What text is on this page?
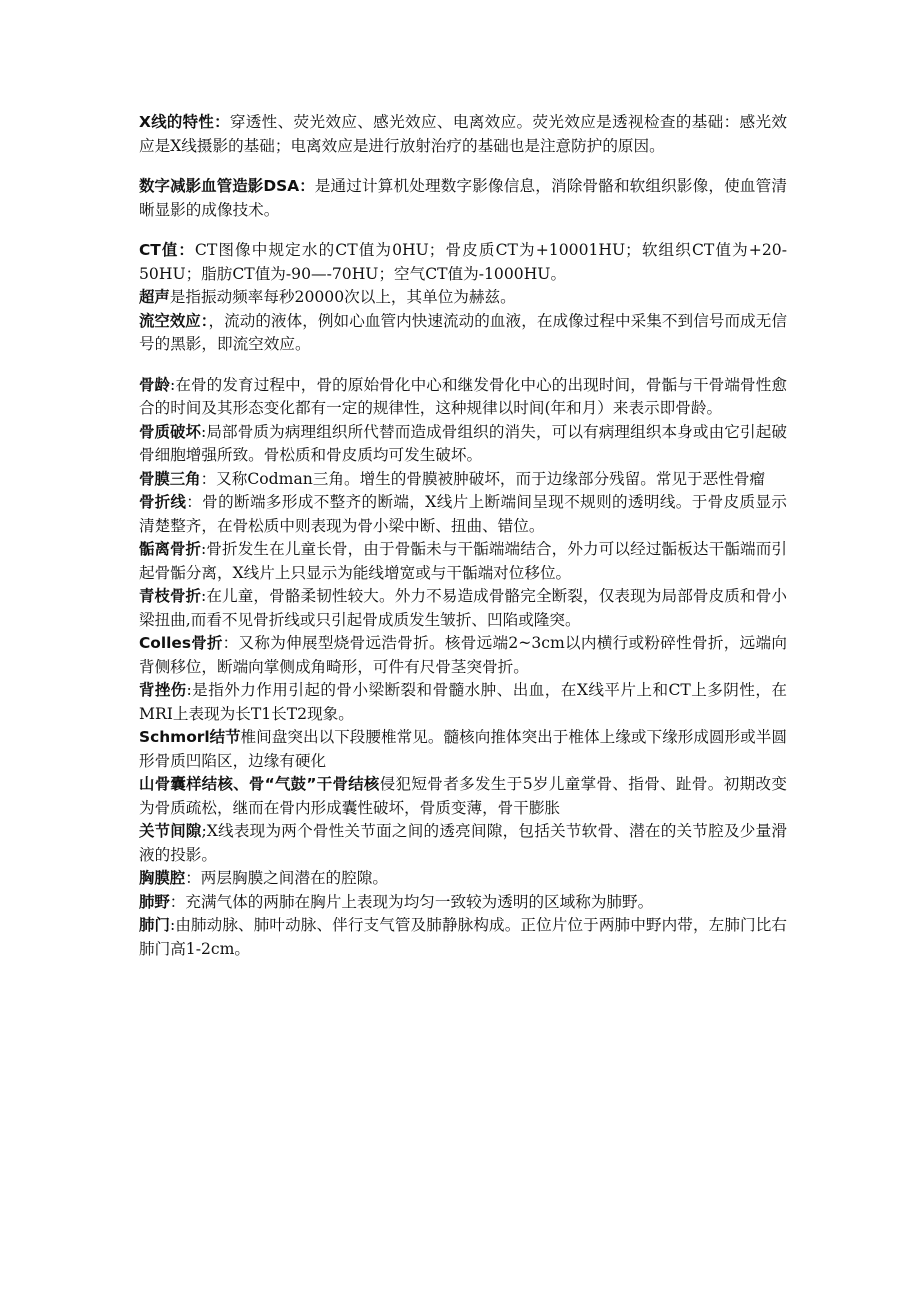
X线的特性：穿透性、荧光效应、感光效应、电离效应。荧光效应是透视检查的基础：感光效应是X线摄影的基础；电离效应是进行放射治疗的基础也是注意防护的原因。

数字减影血管造影DSA：是通过计算机处理数字影像信息，消除骨骼和软组织影像，使血管清晰显影的成像技术。

CT值：CT图像中规定水的CT值为0HU；骨皮质CT为+10001HU；软组织CT值为+20-50HU；脂肪CT值为-90—-70HU；空气CT值为-1000HU。

超声是指振动频率每秒20000次以上，其单位为赫兹。

流空效应：，流动的液体，例如心血管内快速流动的血液，在成像过程中采集不到信号而成无信号的黑影，即流空效应。

骨龄:在骨的发育过程中，骨的原始骨化中心和继发骨化中心的出现时间，骨骺与干骨端骨性愈合的时间及其形态变化都有一定的规律性，这种规律以时间(年和月）来表示即骨龄。

骨质破坏:局部骨质为病理组织所代替而造成骨组织的消失，可以有病理组织本身或由它引起破骨细胞增强所致。骨松质和骨皮质均可发生破坏。

骨膜三角：又称Codman三角。增生的骨膜被肿破坏，而于边缘部分残留。常见于恶性骨瘤

骨折线：骨的断端多形成不整齐的断端，X线片上断端间呈现不规则的透明线。于骨皮质显示清楚整齐，在骨松质中则表现为骨小梁中断、扭曲、错位。

骺离骨折:骨折发生在儿童长骨，由于骨骺未与干骺端端结合，外力可以经过骺板达干骺端而引起骨骺分离，X线片上只显示为能线增宽或与干骺端对位移位。

青枝骨折:在儿童，骨骼柔韧性较大。外力不易造成骨骼完全断裂，仅表现为局部骨皮质和骨小梁扭曲,而看不见骨折线或只引起骨成质发生皱折、凹陷或隆突。

Colles骨折：又称为伸展型烧骨远浩骨折。核骨远端2~3cm以内横行或粉碎性骨折，远端向背侧移位，断端向掌侧成角畸形，可件有尺骨茎突骨折。

背挫伤:是指外力作用引起的骨小梁断裂和骨髓水肿、出血，在X线平片上和CT上多阴性，在MRI上表现为长T1长T2现象。

Schmorl结节椎间盘突出以下段腰椎常见。髓核向推体突出于椎体上缘或下缘形成圆形或半圆形骨质凹陷区，边缘有硬化

山骨囊样结核、骨“气鼓”干骨结核侵犯短骨者多发生于5岁儿童掌骨、指骨、趾骨。初期改变为骨质疏松，继而在骨内形成囊性破坏，骨质变薄，骨干膨胀

关节间隙;X线表现为两个骨性关节面之间的透亮间隙，包括关节软骨、潜在的关节腔及少量滑液的投影。

胸膜腔：两层胸膜之间潜在的腔隙。

肺野：充满气体的两肺在胸片上表现为均匀一致较为透明的区域称为肺野。

肺门:由肺动脉、肺叶动脉、伴行支气管及肺静脉构成。正位片位于两肺中野内带，左肺门比右肺门高1-2cm。
